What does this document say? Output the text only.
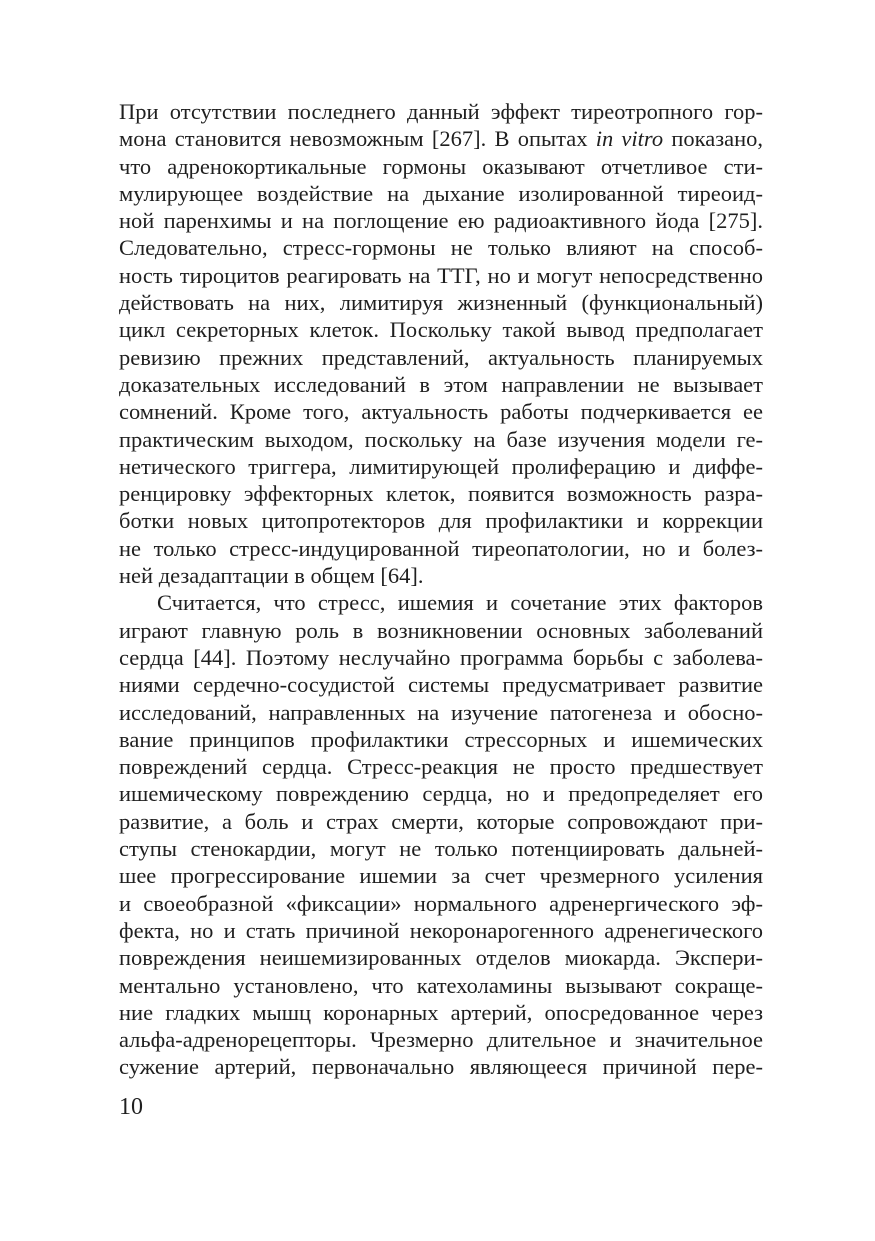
При отсутствии последнего данный эффект тиреотропного гор-
мона становится невозможным [267]. В опытах in vitro показано,
что адренокортикальные гормоны оказывают отчетливое сти-
мулирующее воздействие на дыхание изолированной тиреоид-
ной паренхимы и на поглощение ею радиоактивного йода [275].
Следовательно, стресс-гормоны не только влияют на способ-
ность тироцитов реагировать на ТТГ, но и могут непосредственно
действовать на них, лимитируя жизненный (функциональный)
цикл секреторных клеток. Поскольку такой вывод предполагает
ревизию прежних представлений, актуальность планируемых
доказательных исследований в этом направлении не вызывает
сомнений. Кроме того, актуальность работы подчеркивается ее
практическим выходом, поскольку на базе изучения модели ге-
нетического триггера, лимитирующей пролиферацию и диффе-
ренцировку эффекторных клеток, появится возможность разра-
ботки новых цитопротекторов для профилактики и коррекции
не только стресс-индуцированной тиреопатологии, но и болез-
ней дезадаптации в общем [64].
Считается, что стресс, ишемия и сочетание этих факторов
играют главную роль в возникновении основных заболеваний
сердца [44]. Поэтому неслучайно программа борьбы с заболева-
ниями сердечно-сосудистой системы предусматривает развитие
исследований, направленных на изучение патогенеза и обосно-
вание принципов профилактики стрессорных и ишемических
повреждений сердца. Стресс-реакция не просто предшествует
ишемическому повреждению сердца, но и предопределяет его
развитие, а боль и страх смерти, которые сопровождают при-
ступы стенокардии, могут не только потенциировать дальней-
шее прогрессирование ишемии за счет чрезмерного усиления
и своеобразной «фиксации» нормального адренергического эф-
фекта, но и стать причиной некоронарогенного адренегического
повреждения неишемизированных отделов миокарда. Экспери-
ментально установлено, что катехоламины вызывают сокраще-
ние гладких мышц коронарных артерий, опосредованное через
альфа-адренорецепторы. Чрезмерно длительное и значительное
сужение артерий, первоначально являющееся причиной пере-
10
